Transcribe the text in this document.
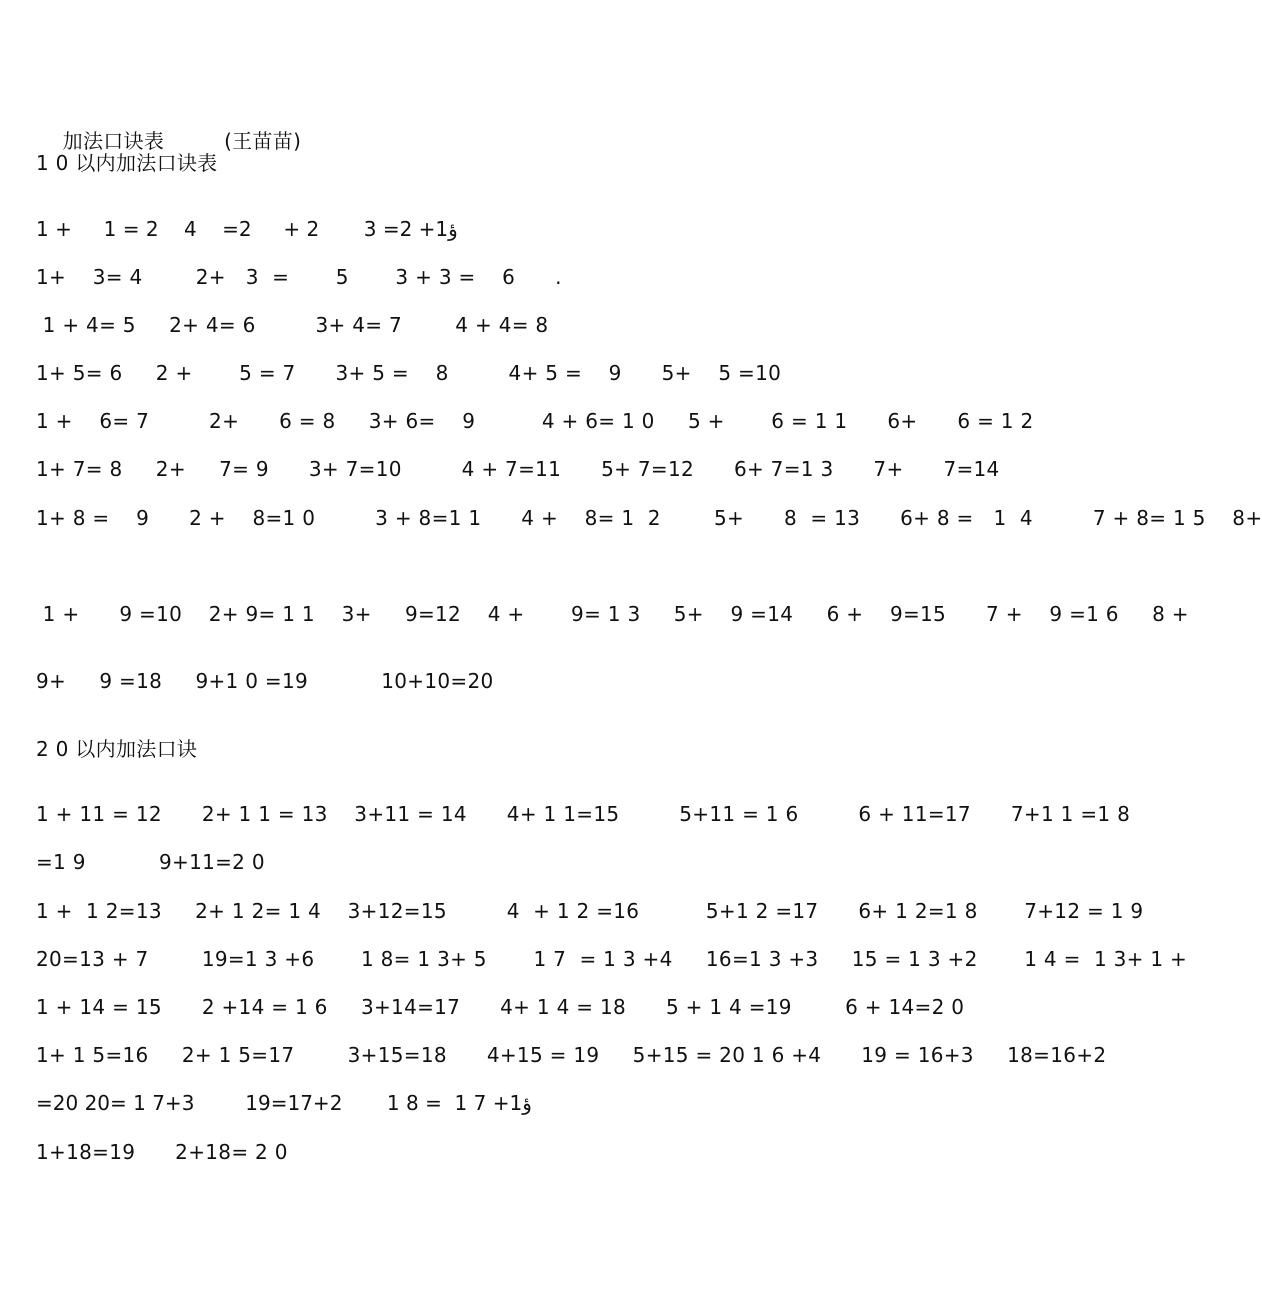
加法口诀表	(王苗苗)

1 0 以内加法口诀表
1 +     1 = 2    4    =2     + 2       3 =2 +1ؤ
1+    3= 4        2+   3  =       5       3 + 3 =    6      .
1 + 4= 5     2+ 4= 6         3+ 4= 7        4 + 4= 8
1+ 5= 6     2 +       5 = 7      3+ 5 =    8         4+ 5 =    9      5+    5 =10
1 +    6= 7         2+      6 = 8     3+ 6=    9          4 + 6= 1 0     5 +       6 = 1 1      6+      6 = 1 2
1+ 7= 8     2+     7= 9      3+ 7=10         4 + 7=11      5+ 7=12      6+ 7=1 3      7+      7=14
1+ 8 =    9      2 +    8=1 0         3 + 8=1 1      4 +    8= 1  2        5+      8  = 13      6+ 8 =   1  4         7 + 8= 1 5    8+
1 +      9 =10    2+ 9= 1 1    3+     9=12    4 +       9= 1 3     5+    9 =14     6 +    9=15      7 +    9 =1 6     8 +
9+     9 =18     9+1 0 =19           10+10=20
2 0 以内加法口诀
1 + 11 = 12      2+ 1 1 = 13    3+11 = 14      4+ 1 1=15         5+11 = 1 6         6 + 11=17      7+1 1 =1 8
=1 9           9+11=2 0
1 +  1 2=13     2+ 1 2= 1 4    3+12=15         4  + 1 2 =16          5+1 2 =17      6+ 1 2=1 8       7+12 = 1 9
20=13 + 7        19=1 3 +6       1 8= 1 3+ 5       1 7  = 1 3 +4     16=1 3 +3     15 = 1 3 +2       1 4 =  1 3+ 1 +
1 + 14 = 15      2 +14 = 1 6     3+14=17      4+ 1 4 = 18      5 + 1 4 =19        6 + 14=2 0
1+ 1 5=16     2+ 1 5=17        3+15=18      4+15 = 19     5+15 = 20 1 6 +4      19 = 16+3     18=16+2
=20 20= 1 7+3        19=17+2       1 8 =  1 7 +1ؤ
1+18=19      2+18= 2 0
